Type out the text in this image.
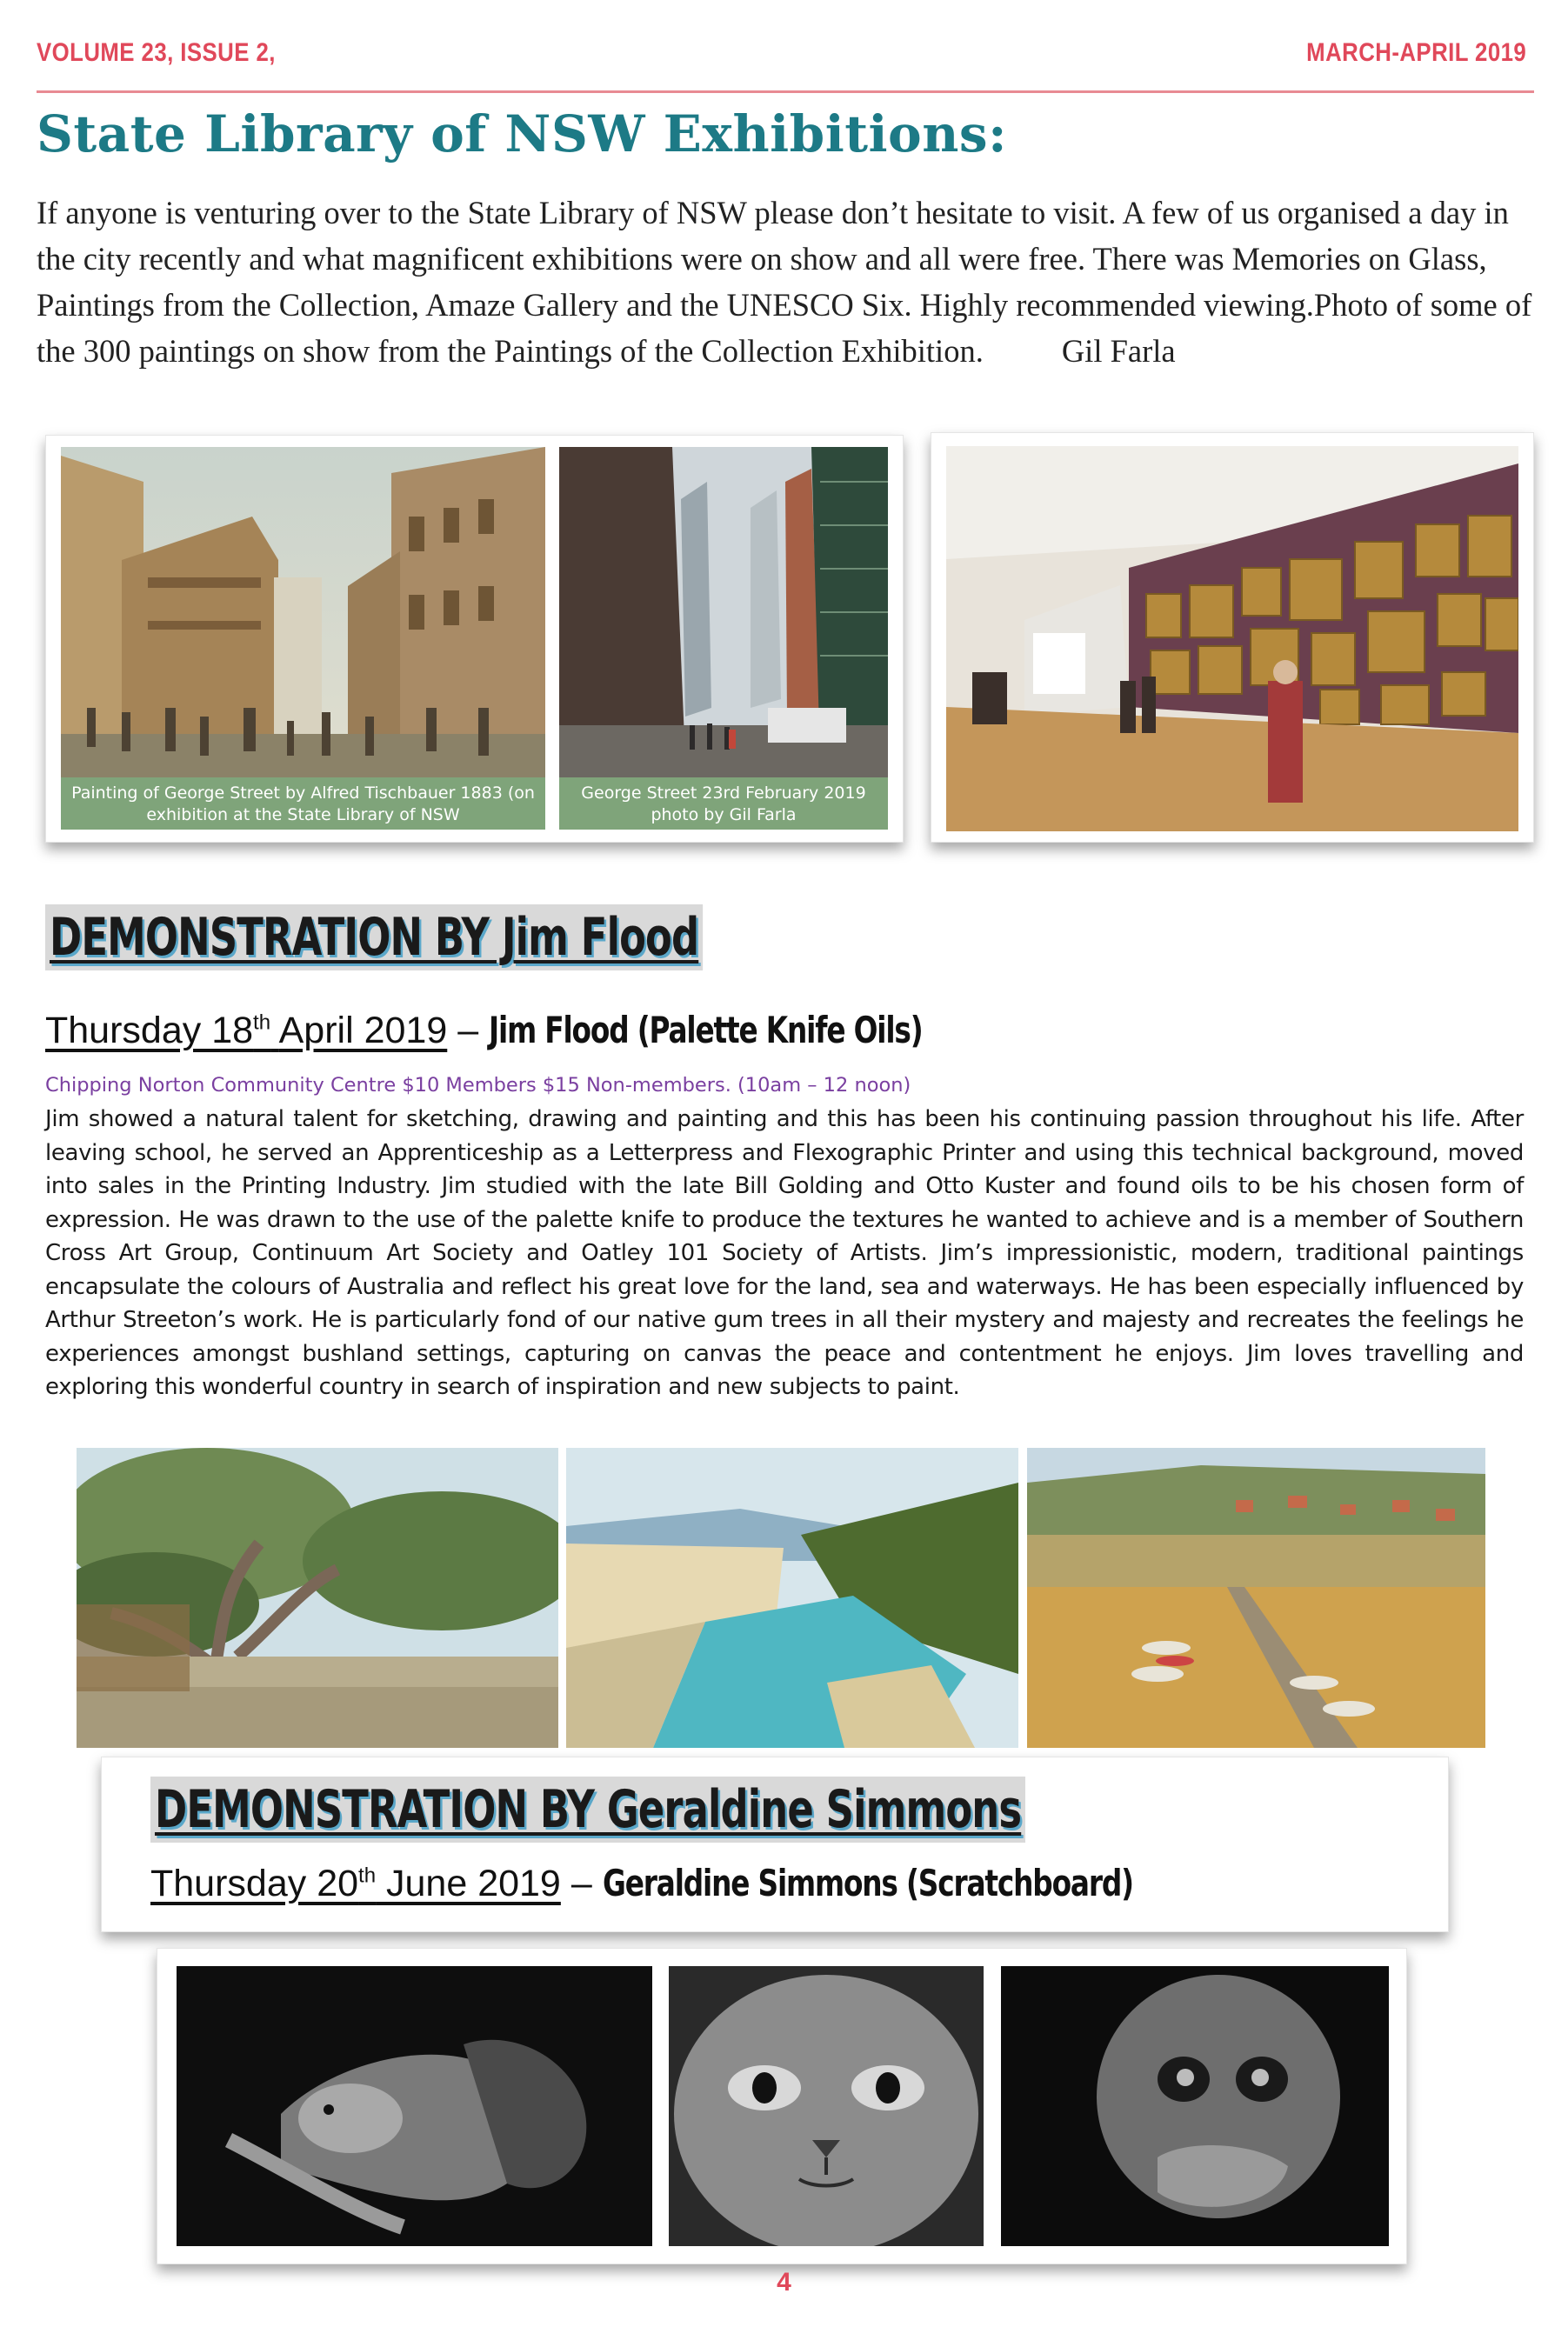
VOLUME 23, ISSUE 2,	MARCH-APRIL 2019
State Library of NSW Exhibitions:
If anyone is venturing over to the State Library of NSW please don’t hesitate to visit. A few of us organised a day in the city recently and what magnificent exhibitions were on show and all were free. There was Memories on Glass, Paintings from the Collection, Amaze Gallery and the UNESCO Six. Highly recommended viewing.Photo of some of the 300 paintings on show from the Paintings of the Collection Exhibition. Gil Farla
Painting of George Street by Alfred Tischbauer 1883 (on exhibition at the State Library of NSW
George Street 23rd February 2019 photo by Gil Farla
DEMONSTRATION BY Jim Flood
Thursday 18th April 2019 – Jim Flood (Palette Knife Oils)
Chipping Norton Community Centre $10 Members $15 Non-members. (10am – 12 noon)
Jim showed a natural talent for sketching, drawing and painting and this has been his continuing passion throughout his life. After leaving school, he served an Apprenticeship as a Letterpress and Flexographic Printer and using this technical background, moved into sales in the Printing Industry. Jim studied with the late Bill Golding and Otto Kuster and found oils to be his chosen form of expression. He was drawn to the use of the palette knife to produce the textures he wanted to achieve and is a member of Southern Cross Art Group, Continuum Art Society and Oatley 101 Society of Artists. Jim’s impressionistic, modern, traditional paintings encapsulate the colours of Australia and reflect his great love for the land, sea and waterways. He has been especially influenced by Arthur Streeton’s work. He is particularly fond of our native gum trees in all their mystery and majesty and recreates the feelings he experiences amongst bushland settings, capturing on canvas the peace and contentment he enjoys. Jim loves travelling and exploring this wonderful country in search of inspiration and new subjects to paint.
DEMONSTRATION BY Geraldine Simmons
Thursday 20th June 2019 – Geraldine Simmons (Scratchboard)
4
